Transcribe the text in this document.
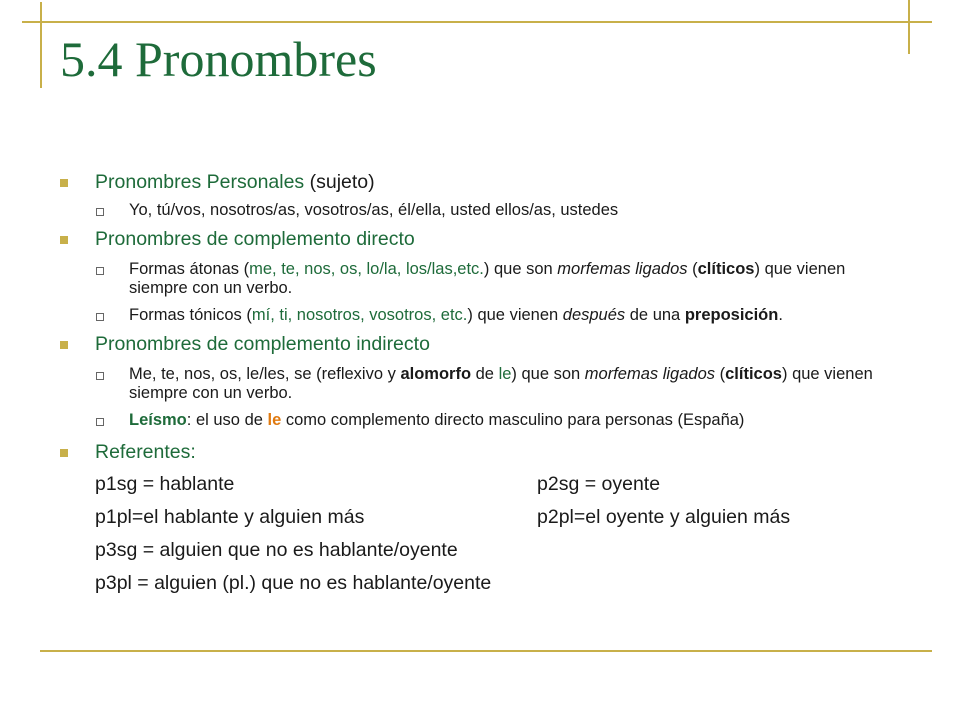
5.4 Pronombres
Pronombres Personales (sujeto)
Yo, tú/vos, nosotros/as, vosotros/as, él/ella, usted ellos/as, ustedes
Pronombres de complemento directo
Formas átonas (me, te, nos, os, lo/la, los/las,etc.) que son morfemas ligados (clíticos) que vienen siempre con un verbo.
Formas tónicos (mí, ti, nosotros, vosotros, etc.) que vienen después de una preposición.
Pronombres de complemento indirecto
Me, te, nos, os, le/les, se (reflexivo y alomorfo de le) que son morfemas ligados (clíticos) que vienen siempre con un verbo.
Leísmo: el uso de le como complemento directo masculino para personas (España)
Referentes:
p1sg = hablante	p2sg = oyente
p1pl=el hablante y alguien más	p2pl=el oyente y alguien más
p3sg = alguien que no es hablante/oyente
p3pl = alguien (pl.) que no es hablante/oyente
